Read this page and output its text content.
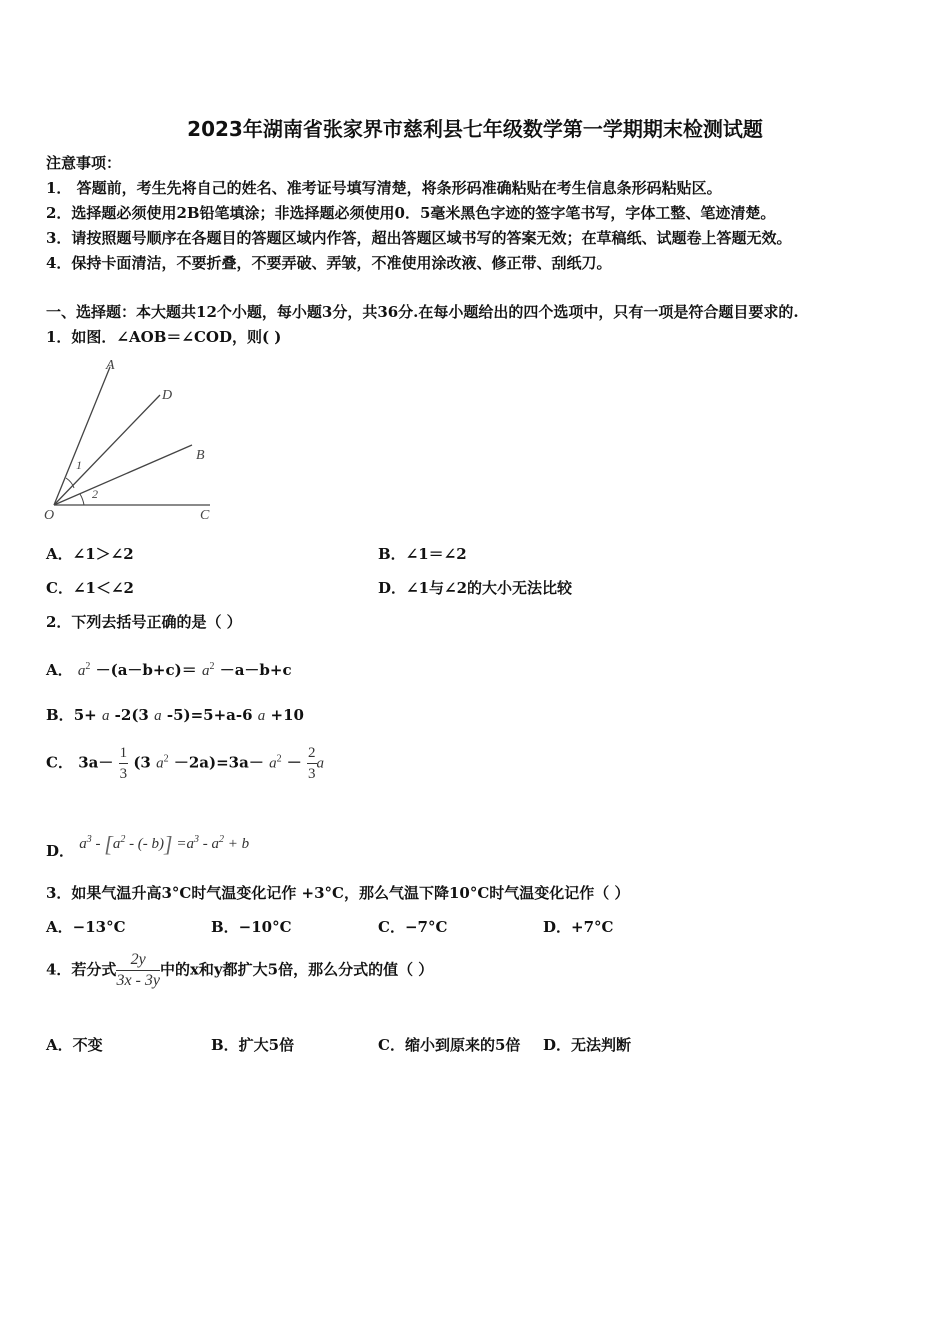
2023年湖南省张家界市慈利县七年级数学第一学期期末检测试题
注意事项：
1． 答题前，考生先将自己的姓名、准考证号填写清楚，将条形码准确粘贴在考生信息条形码粘贴区。
2．选择题必须使用2B铅笔填涂；非选择题必须使用0．5毫米黑色字迹的签字笔书写，字体工整、笔迹清楚。
3．请按照题号顺序在各题目的答题区域内作答，超出答题区域书写的答案无效；在草稿纸、试题卷上答题无效。
4．保持卡面清洁，不要折叠，不要弄破、弄皱，不准使用涂改液、修正带、刮纸刀。
一、选择题：本大题共12个小题，每小题3分，共36分.在每小题给出的四个选项中，只有一项是符合题目要求的.
1．如图．∠AOB＝∠COD，则( )
A
D
B
O	C
1
2
A．∠1＞∠2	B．∠1＝∠2
C．∠1＜∠2	D．∠1与∠2的大小无法比较
2．下列去括号正确的是（ ）
A． $a^2 -(a-b+c)= a^2 -a-b+c$
B．5+ a -2(3 a -5)=5+a-6 a +10
C． $3a- \frac{1}{3} (3$ $a^2 -2a)=3a- a^2 - \frac{2}{3}$ a
D． $a^3 - [a^2$ - (- $b)] =a^3 - a^2 + b$
3．如果气温升高3°C时气温变化记作 +3°C，那么气温下降10°C时气温变化记作（ ）
A．−13°C	B．−10°C	C．−7°C	D．+7°C
4．若分式 $\frac{2y}{3x - 3y}$ 中的x和y都扩大5倍，那么分式的值（ ）
A．不变	B．扩大5倍	C．缩小到原来的5倍 D．无法判断
